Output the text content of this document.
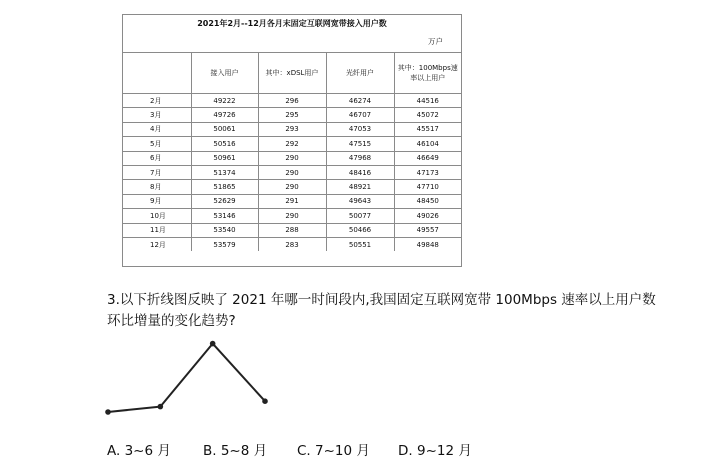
2021年2月--12月各月末固定互联网宽带接入用户数
万户
	接入用户	其中：xDSL用户	光纤用户	其中：100Mbps速率以上用户
2月	49222	296	46274	44516
3月	49726	295	46707	45072
4月	50061	293	47053	45517
5月	50516	292	47515	46104
6月	50961	290	47968	46649
7月	51374	290	48416	47173
8月	51865	290	48921	47710
9月	52629	291	49643	48450
10月	53146	290	50077	49026
11月	53540	288	50466	49557
12月	53579	283	50551	49848
3.以下折线图反映了 2021 年哪一时间段内,我国固定互联网宽带 100Mbps 速率以上用户数
环比增量的变化趋势?
A. 3~6 月 B. 5~8 月 C. 7~10 月 D. 9~12 月
